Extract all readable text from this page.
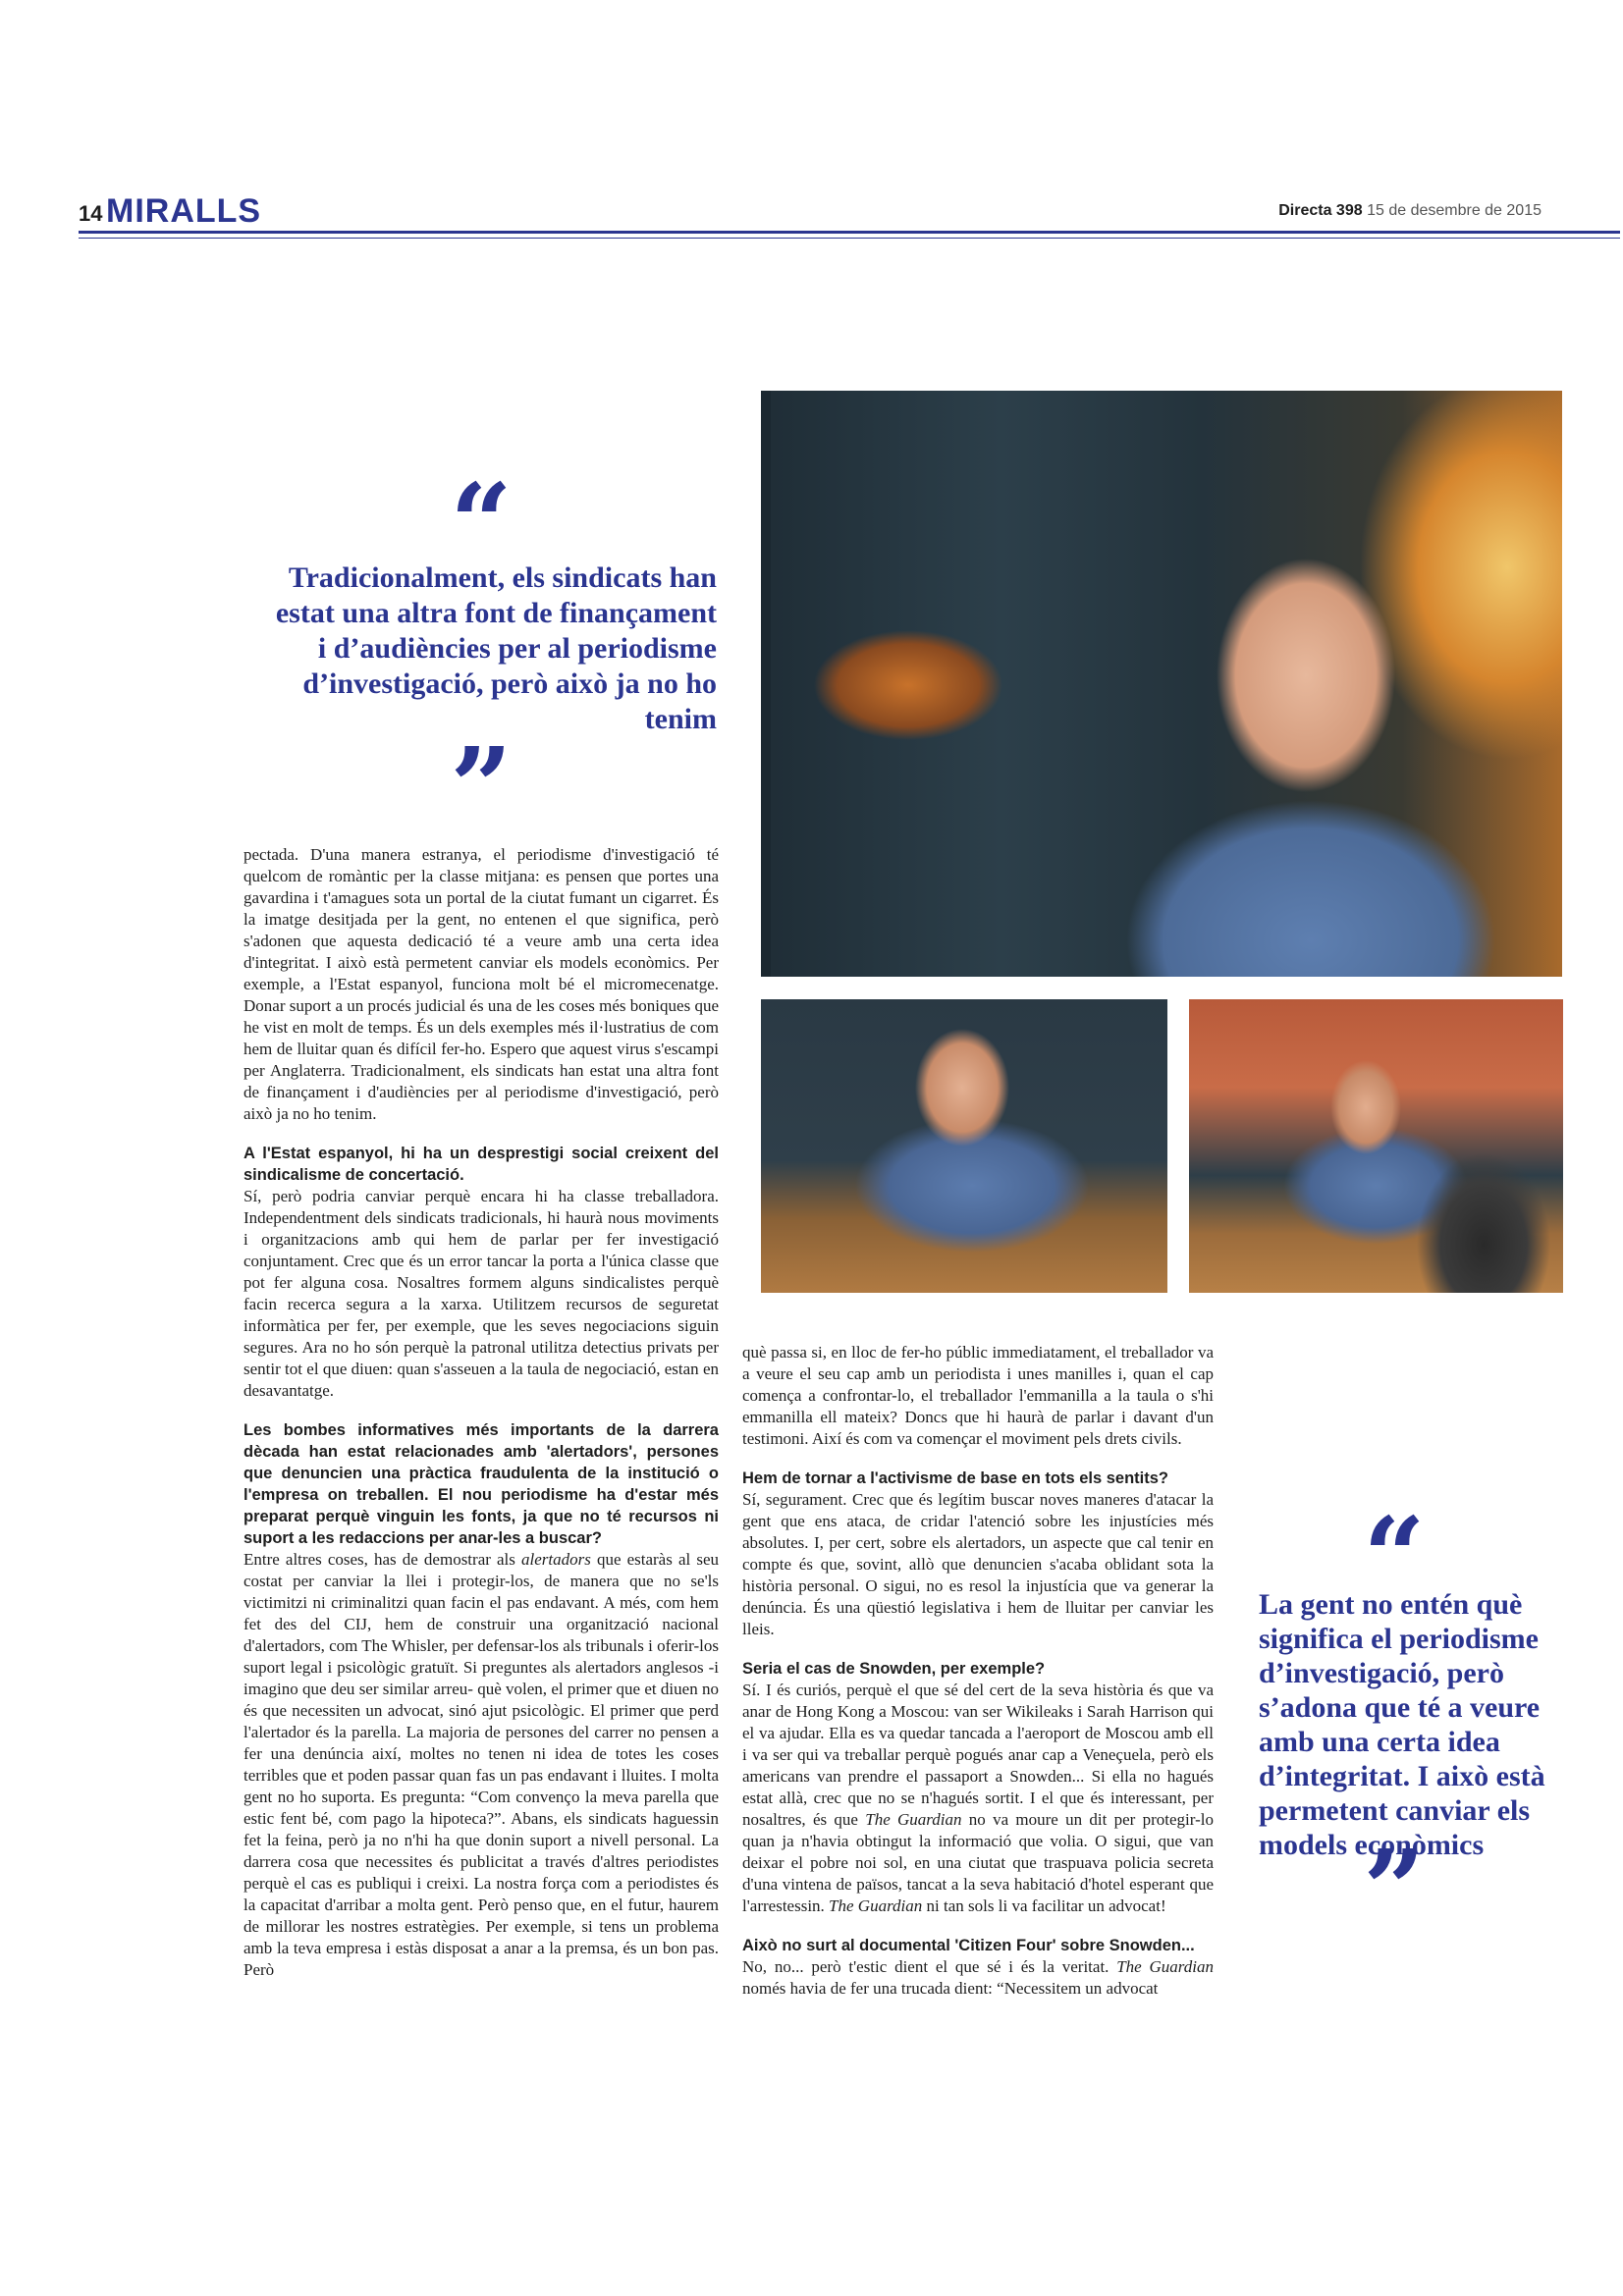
14 MIRALLS	Directa 398 15 de desembre de 2015
“
Tradicionalment, els sindicats han estat una altra font de finançament i d’audiències per al periodisme d’investigació, però això ja no ho tenim
”

pectada. D'una manera estranya, el periodisme d'investigació té quelcom de romàntic per la classe mitjana: es pensen que portes una gavardina i t'amagues sota un portal de la ciutat fumant un cigarret. És la imatge desitjada per la gent, no entenen el que significa, però s'adonen que aquesta dedicació té a veure amb una certa idea d'integritat. I això està permetent canviar els models econòmics. Per exemple, a l'Estat espanyol, funciona molt bé el micromecenatge. Donar suport a un procés judicial és una de les coses més boniques que he vist en molt de temps. És un dels exemples més il·lustratius de com hem de lluitar quan és difícil fer-ho. Espero que aquest virus s'escampi per Anglaterra. Tradicionalment, els sindicats han estat una altra font de finançament i d'audiències per al periodisme d'investigació, però això ja no ho tenim.

A l'Estat espanyol, hi ha un desprestigi social creixent del sindicalisme de concertació.

Sí, però podria canviar perquè encara hi ha classe treballadora. Independentment dels sindicats tradicionals, hi haurà nous moviments i organitzacions amb qui hem de parlar per fer investigació conjuntament. Crec que és un error tancar la porta a l'única classe que pot fer alguna cosa. Nosaltres formem alguns sindicalistes perquè facin recerca segura a la xarxa. Utilitzem recursos de seguretat informàtica per fer, per exemple, que les seves negociacions siguin segures. Ara no ho són perquè la patronal utilitza detectius privats per sentir tot el que diuen: quan s'asseuen a la taula de negociació, estan en desavantatge.

Les bombes informatives més importants de la darrera dècada han estat relacionades amb 'alertadors', persones que denuncien una pràctica fraudulenta de la institució o l'empresa on treballen. El nou periodisme ha d'estar més preparat perquè vinguin les fonts, ja que no té recursos ni suport a les redaccions per anar-les a buscar?

Entre altres coses, has de demostrar als alertadors que estaràs al seu costat per canviar la llei i protegir-los, de manera que no se'ls victimitzi ni criminalitzi quan facin el pas endavant. A més, com hem fet des del CIJ, hem de construir una organització nacional d'alertadors, com The Whisler, per defensar-los als tribunals i oferir-los suport legal i psicològic gratuït. Si preguntes als alertadors anglesos -i imagino que deu ser similar arreu- què volen, el primer que et diuen no és que necessiten un advocat, sinó ajut psicològic. El primer que perd l'alertador és la parella. La majoria de persones del carrer no pensen a fer una denúncia així, moltes no tenen ni idea de totes les coses terribles que et poden passar quan fas un pas endavant i lluites. I molta gent no ho suporta. Es pregunta: “Com convenço la meva parella que estic fent bé, com pago la hipoteca?”. Abans, els sindicats haguessin fet la feina, però ja no n'hi ha que donin suport a nivell personal. La darrera cosa que necessites és publicitat a través d'altres periodistes perquè el cas es publiqui i creixi. La nostra força com a periodistes és la capacitat d'arribar a molta gent. Però penso que, en el futur, haurem de millorar les nostres estratègies. Per exemple, si tens un problema amb la teva empresa i estàs disposat a anar a la premsa, és un bon pas. Però

què passa si, en lloc de fer-ho públic immediatament, el treballador va a veure el seu cap amb un periodista i unes manilles i, quan el cap comença a confrontar-lo, el treballador l'emmanilla a la taula o s'hi emmanilla ell mateix? Doncs que hi haurà de parlar i davant d'un testimoni. Així és com va començar el moviment pels drets civils.

Hem de tornar a l'activisme de base en tots els sentits?

Sí, segurament. Crec que és legítim buscar noves maneres d'atacar la gent que ens ataca, de cridar l'atenció sobre les injustícies més absolutes. I, per cert, sobre els alertadors, un aspecte que cal tenir en compte és que, sovint, allò que denuncien s'acaba oblidant sota la història personal. O sigui, no es resol la injustícia que va generar la denúncia. És una qüestió legislativa i hem de lluitar per canviar les lleis.

Seria el cas de Snowden, per exemple?

Sí. I és curiós, perquè el que sé del cert de la seva història és que va anar de Hong Kong a Moscou: van ser Wikileaks i Sarah Harrison qui el va ajudar. Ella es va quedar tancada a l'aeroport de Moscou amb ell i va ser qui va treballar perquè pogués anar cap a Veneçuela, però els americans van prendre el passaport a Snowden... Si ella no hagués estat allà, crec que no se n'hagués sortit. I el que és interessant, per nosaltres, és que The Guardian no va moure un dit per protegir-lo quan ja n'havia obtingut la informació que volia. O sigui, que van deixar el pobre noi sol, en una ciutat que traspuava policia secreta d'una vintena de països, tancat a la seva habitació d'hotel esperant que l'arrestessin. The Guardian ni tan sols li va facilitar un advocat!

Això no surt al documental 'Citizen Four' sobre Snowden...

No, no... però t'estic dient el que sé i és la veritat. The Guardian només havia de fer una trucada dient: “Necessitem un advocat

“
La gent no entén què significa el periodisme d’investigació, però s’adona que té a veure amb una certa idea d’integritat. I això està permetent canviar els models econòmics
”
